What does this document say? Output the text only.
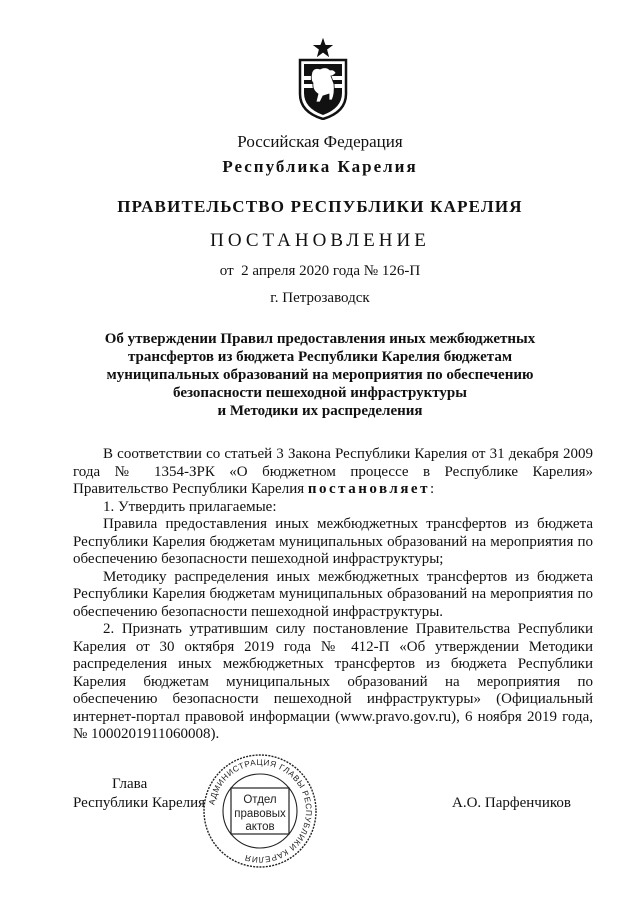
Российская Федерация
Республика Карелия
ПРАВИТЕЛЬСТВО РЕСПУБЛИКИ КАРЕЛИЯ
ПОСТАНОВЛЕНИЕ
от  2 апреля 2020 года № 126-П
г. Петрозаводск
Об утверждении Правил предоставления иных межбюджетных
трансфертов из бюджета Республики Карелия бюджетам
муниципальных образований на мероприятия по обеспечению
безопасности пешеходной инфраструктуры
и Методики их распределения

В соответствии со статьей 3 Закона Республики Карелия от 31 декабря 2009 года № 1354-ЗРК «О бюджетном процессе в Республике Карелия» Правительство Республики Карелия постановляет:

1. Утвердить прилагаемые:

Правила предоставления иных межбюджетных трансфертов из бюджета Республики Карелия бюджетам муниципальных образований на мероприятия по обеспечению безопасности пешеходной инфраструктуры;

Методику распределения иных межбюджетных трансфертов из бюджета Республики Карелия бюджетам муниципальных образований на мероприятия по обеспечению безопасности пешеходной инфраструктуры.

2. Признать утратившим силу постановление Правительства Республики Карелия от 30 октября 2019 года № 412-П «Об утверждении Методики распределения иных межбюджетных трансфертов из бюджета Республики Карелия бюджетам муниципальных образований на мероприятия по обеспечению безопасности пешеходной инфраструктуры» (Официальный интернет-портал правовой информации (www.pravo.gov.ru), 6 ноября 2019 года, № 1000201911060008).

Глава
Республики Карелия	А.О. Парфенчиков
АДМИНИСТРАЦИЯ ГЛАВЫ РЕСПУБЛИКИ КАРЕЛИЯ
Отдел
правовых
актов
